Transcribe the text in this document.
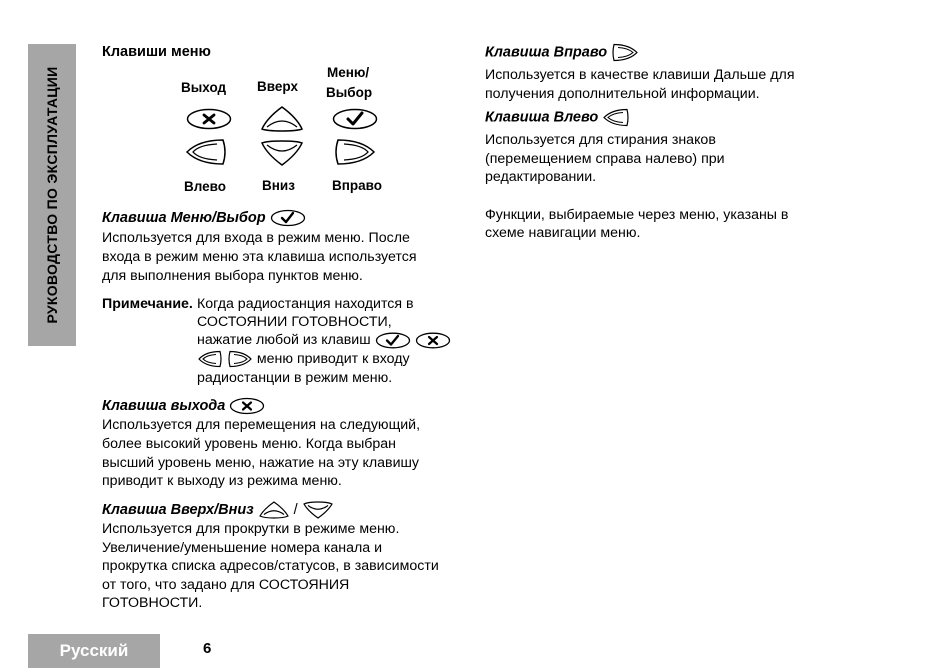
РУКОВОДСТВО ПО ЭКСПЛУАТАЦИИ
Клавиши меню
Выход Вверх
Меню/
Выбор
Влево	Вниз	Вправо
Клавиша Меню/Выбор
Используется для входа в режим меню. После
входа в режим меню эта клавиша используется
для выполнения выбора пунктов меню.
Примечание. Когда радиостанция находится в
СОСТОЯНИИ ГОТОВНОСТИ,
нажатие любой из клавиш
меню приводит к входу
радиостанции в режим меню.
Клавиша выхода
Используется для перемещения на следующий,
более высокий уровень меню. Когда выбран
высший уровень меню, нажатие на эту клавишу
приводит к выходу из режима меню.
Клавиша Вверх/Вниз	/
Используется для прокрутки в режиме меню.
Увеличение/уменьшение номера канала и
прокрутка списка адресов/статусов, в зависимости
от того, что задано для СОСТОЯНИЯ
ГОТОВНОСТИ.
Клавиша Вправо
Используется в качестве клавиши Дальше для
получения дополнительной информации.
Клавиша Влево
Используется для стирания знаков
(перемещением справа налево) при
редактировании.
Функции, выбираемые через меню, указаны в
схеме навигации меню.
Русский	6
